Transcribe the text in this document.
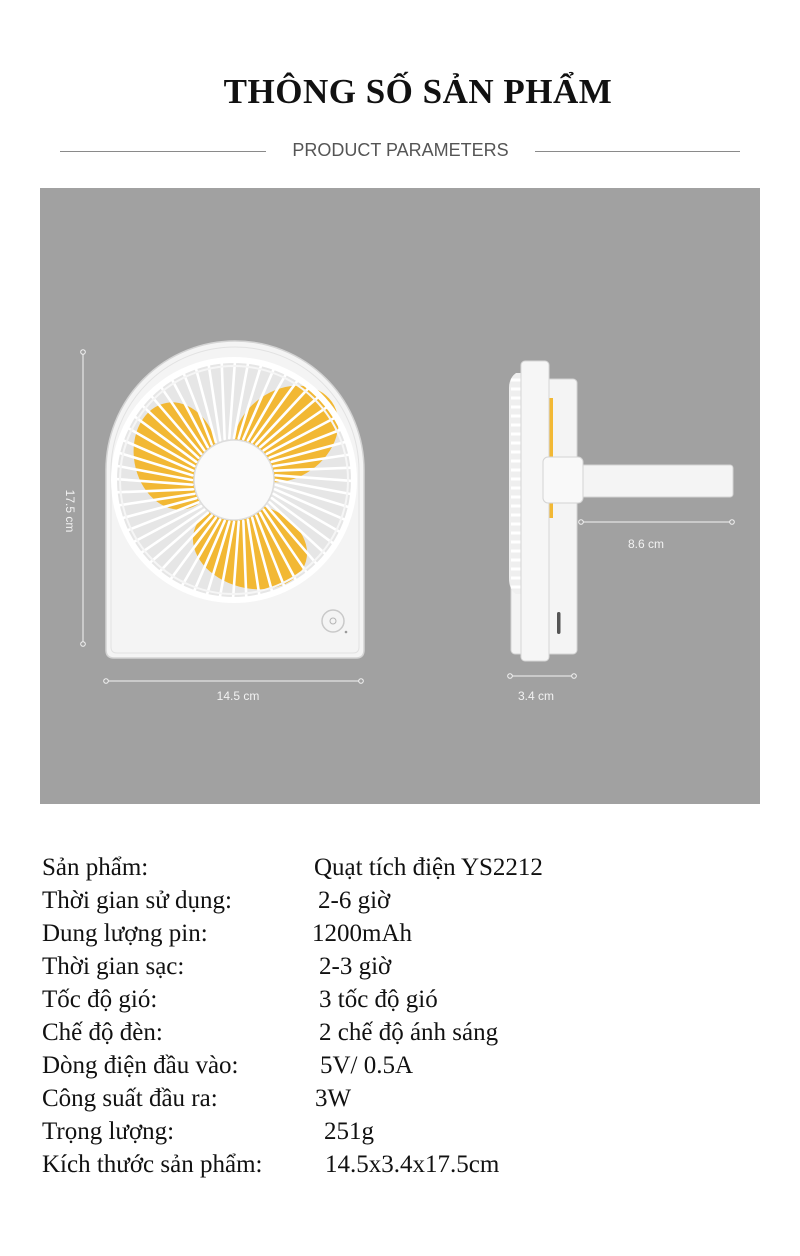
THÔNG SỐ SẢN PHẨM
PRODUCT PARAMETERS
17.5 cm
14.5 cm
8.6 cm
3.4 cm
Sản phẩm:	Quạt tích điện YS2212
Thời gian sử dụng:	2-6 giờ
Dung lượng pin:	1200mAh
Thời gian sạc:	2-3 giờ
Tốc độ gió:	3 tốc độ gió
Chế độ đèn:	2 chế độ ánh sáng
Dòng điện đầu vào:	5V/ 0.5A
Công suất đầu ra:	3W
Trọng lượng:	251g
Kích thước sản phẩm:	14.5x3.4x17.5cm
